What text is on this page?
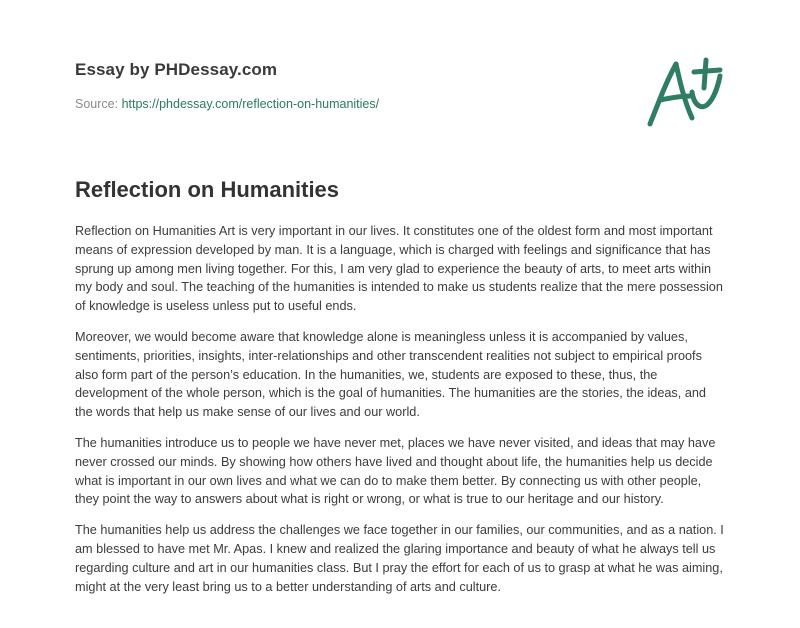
Essay by PHDessay.com
Source: https://phdessay.com/reflection-on-humanities/
Reflection on Humanities

Reflection on Humanities Art is very important in our lives. It constitutes one of the oldest form and most important means of expression developed by man. It is a language, which is charged with feelings and significance that has sprung up among men living together. For this, I am very glad to experience the beauty of arts, to meet arts within my body and soul. The teaching of the humanities is intended to make us students realize that the mere possession of knowledge is useless unless put to useful ends.

Moreover, we would become aware that knowledge alone is meaningless unless it is accompanied by values, sentiments, priorities, insights, inter-relationships and other transcendent realities not subject to empirical proofs also form part of the person’s education. In the humanities, we, students are exposed to these, thus, the development of the whole person, which is the goal of humanities. The humanities are the stories, the ideas, and the words that help us make sense of our lives and our world.

The humanities introduce us to people we have never met, places we have never visited, and ideas that may have never crossed our minds. By showing how others have lived and thought about life, the humanities help us decide what is important in our own lives and what we can do to make them better. By connecting us with other people, they point the way to answers about what is right or wrong, or what is true to our heritage and our history.

The humanities help us address the challenges we face together in our families, our communities, and as a nation. I am blessed to have met Mr. Apas. I knew and realized the glaring importance and beauty of what he always tell us regarding culture and art in our humanities class. But I pray the effort for each of us to grasp at what he was aiming, might at the very least bring us to a better understanding of arts and culture.
